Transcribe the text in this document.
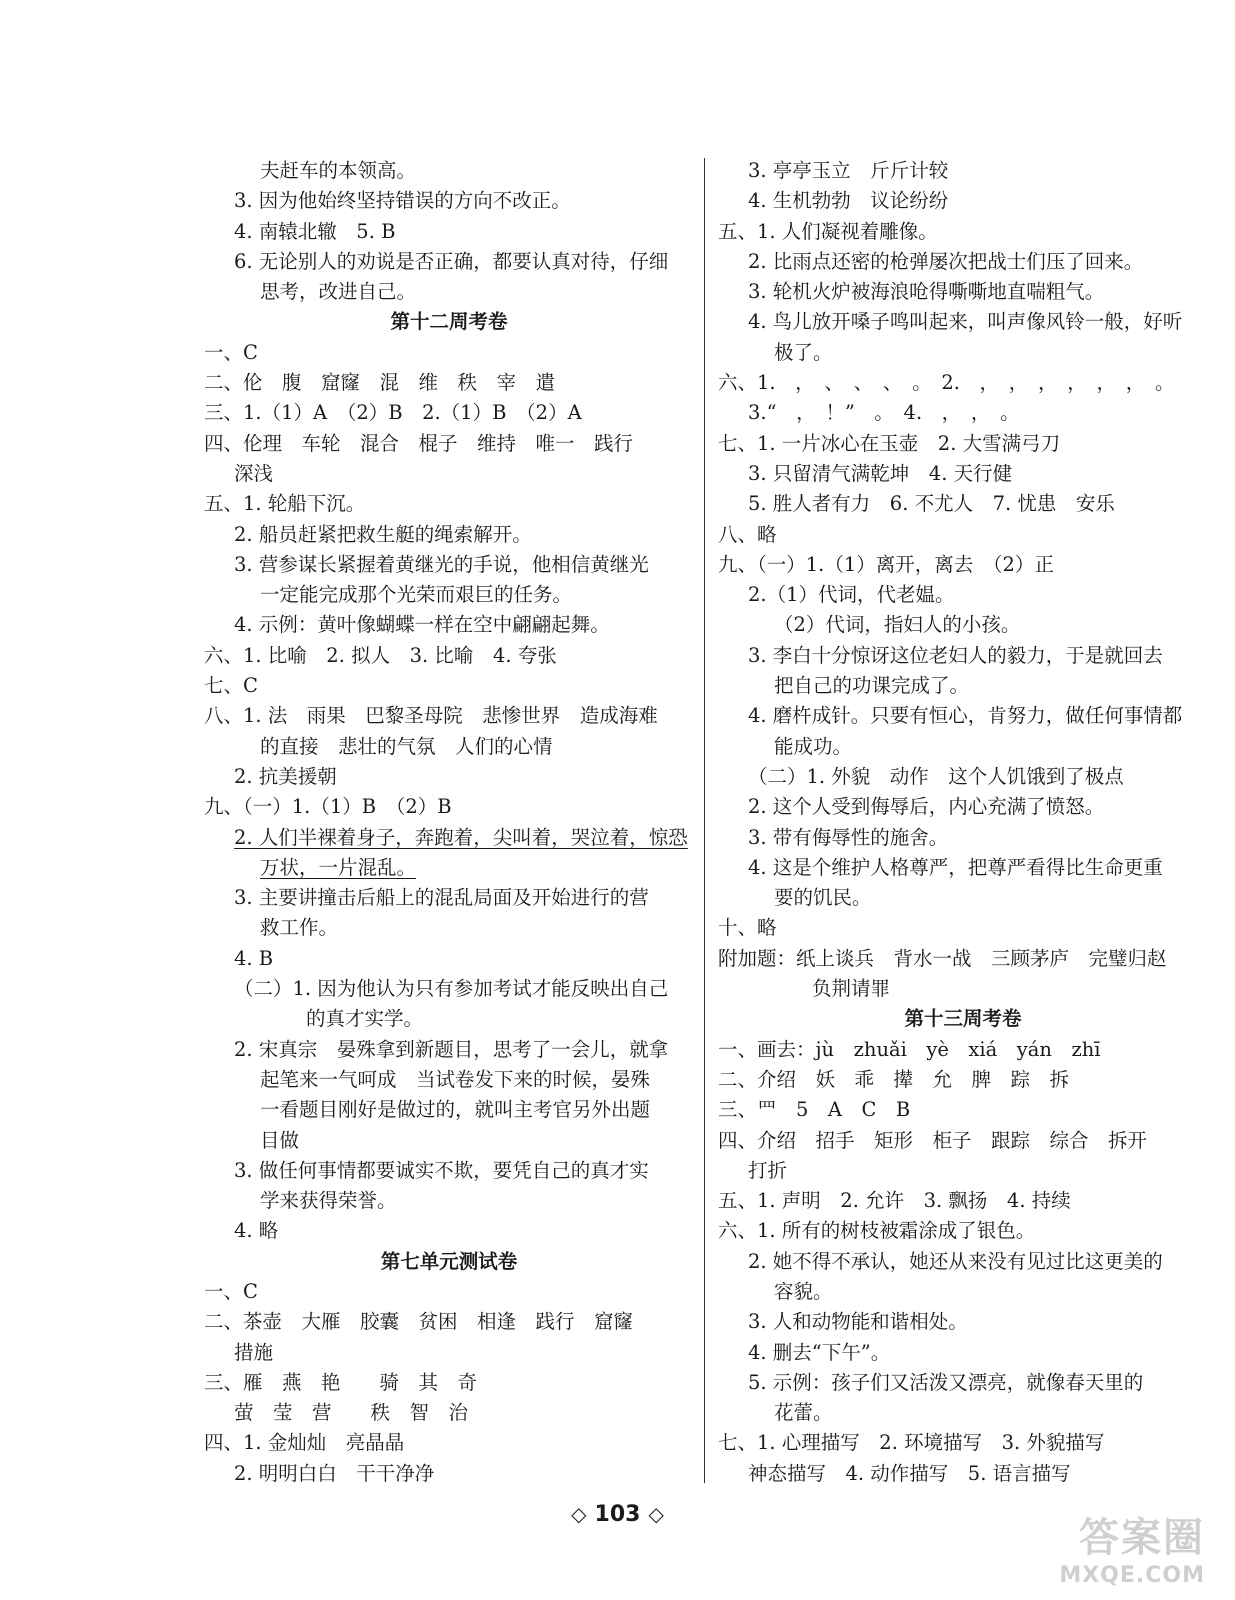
夫赶车的本领高。
3. 因为他始终坚持错误的方向不改正。
4. 南辕北辙　5. B
6. 无论别人的劝说是否正确，都要认真对待，仔细
思考，改进自己。
第十二周考卷
一、C
二、伦　腹　窟窿　混　维　秩　宰　遣
三、1.（1）A　（2）B　2.（1）B　（2）A
四、伦理　车轮　混合　棍子　维持　唯一　践行
深浅
五、1. 轮船下沉。
2. 船员赶紧把救生艇的绳索解开。
3. 营参谋长紧握着黄继光的手说，他相信黄继光
一定能完成那个光荣而艰巨的任务。
4. 示例：黄叶像蝴蝶一样在空中翩翩起舞。
六、1. 比喻　2. 拟人　3. 比喻　4. 夸张
七、C
八、1. 法　雨果　巴黎圣母院　悲惨世界　造成海难
的直接　悲壮的气氛　人们的心情
2. 抗美援朝
九、（一）1.（1）B　（2）B
2. 人们半裸着身子，奔跑着，尖叫着，哭泣着，惊恐
万状，一片混乱。
3. 主要讲撞击后船上的混乱局面及开始进行的营
救工作。
4. B
（二）1. 因为他认为只有参加考试才能反映出自己
的真才实学。
2. 宋真宗　晏殊拿到新题目，思考了一会儿，就拿
起笔来一气呵成　当试卷发下来的时候，晏殊
一看题目刚好是做过的，就叫主考官另外出题
目做
3. 做任何事情都要诚实不欺，要凭自己的真才实
学来获得荣誉。
4. 略
第七单元测试卷
一、C
二、茶壶　大雁　胶囊　贫困　相逢　践行　窟窿
措施
三、雁　燕　艳　　骑　其　奇
萤　莹　营　　秩　智　治
四、1. 金灿灿　亮晶晶
2. 明明白白　干干净净
3. 亭亭玉立　斤斤计较
4. 生机勃勃　议论纷纷
五、1. 人们凝视着雕像。
2. 比雨点还密的枪弹屡次把战士们压了回来。
3. 轮机火炉被海浪呛得嘶嘶地直喘粗气。
4. 鸟儿放开嗓子鸣叫起来，叫声像风铃一般，好听
极了。
六、1.　，　、　、　、　。　2.　，　，　，　，　，　，　。
3.“　，　！”　。　4.　，　，　。
七、1. 一片冰心在玉壶　2. 大雪满弓刀
3. 只留清气满乾坤　4. 天行健
5. 胜人者有力　6. 不尤人　7. 忧患　安乐
八、略
九、（一）1.（1）离开，离去　（2）正
2.（1）代词，代老媪。
（2）代词，指妇人的小孩。
3. 李白十分惊讶这位老妇人的毅力，于是就回去
把自己的功课完成了。
4. 磨杵成针。只要有恒心，肯努力，做任何事情都
能成功。
（二）1. 外貌　动作　这个人饥饿到了极点
2. 这个人受到侮辱后，内心充满了愤怒。
3. 带有侮辱性的施舍。
4. 这是个维护人格尊严，把尊严看得比生命更重
要的饥民。
十、略
附加题：纸上谈兵　背水一战　三顾茅庐　完璧归赵
负荆请罪
第十三周考卷
一、画去：jù　zhuǎi　yè　xiá　yán　zhī
二、介绍　妖　乖　撵　允　脾　踪　拆
三、罒　5　A　C　B
四、介绍　招手　矩形　柜子　跟踪　综合　拆开
打折
五、1. 声明　2. 允许　3. 飘扬　4. 持续
六、1. 所有的树枝被霜涂成了银色。
2. 她不得不承认，她还从来没有见过比这更美的
容貌。
3. 人和动物能和谐相处。
4. 删去“下午”。
5. 示例：孩子们又活泼又漂亮，就像春天里的
花蕾。
七、1. 心理描写　2. 环境描写　3. 外貌描写
神态描写　4. 动作描写　5. 语言描写
◇ 103 ◇
答案圈
MXQE.COM
